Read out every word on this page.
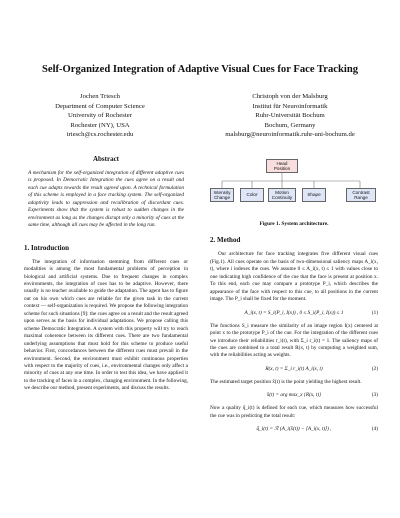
Self-Organized Integration of Adaptive Visual Cues for Face Tracking
Jochen Triesch
Department of Computer Science
University of Rochester
Rochester (NY), USA
triesch@cs.rochester.edu
Christoph von der Malsburg
Institut für Neuroinformatik
Ruhr-Universität Bochum
Bochum, Germany
malsburg@neuroinformatik.ruhr-uni-bochum.de
Abstract
A mechanism for the self-organized integration of different adaptive cues is proposed. In Democratic Integration the cues agree on a result and each cue adapts towards the result agreed upon. A technical formulation of this scheme is employed in a face tracking system. The self-organized adaptivity leads to suppression and recalibration of discordant cues. Experiments show that the system is robust to sudden changes in the environment as long as the changes disrupt only a minority of cues at the same time, although all cues may be affected in the long run.
1. Introduction
The integration of information stemming from different cues or modalities is among the most fundamental problems of perception in biological and artificial systems. Due to frequent changes in complex environments, the integration of cues has to be adaptive. However, there usually is no teacher available to guide the adaptation. The agent has to figure out on his own which cues are reliable for the given task in the current context — self-organization is required. We propose the following integration scheme for such situations [9]: the cues agree on a result and the result agreed upon serves as the basis for individual adaptations. We propose calling this scheme Democratic Integration. A system with this property will try to reach maximal coherence between its different cues. There are two fundamental underlying assumptions that must hold for this scheme to produce useful behavior. First, concordances between the different cues must prevail in the environment. Second, the environment must exhibit continuous properties with respect to the majority of cues, i.e., environmental changes only affect a minority of cues at any one time. In order to test this idea, we have applied it to the tracking of faces in a complex, changing environment. In the following, we describe our method, present experiments, and discuss the results.
Head
Position
Intensity
Change
Color
Motion
Continuity
Shape
Contrast
Range
Figure 1. System architecture.
2. Method
Our architecture for face tracking integrates five different visual cues (Fig.1). All cues operate on the basis of two-dimensional saliency maps A_i(x, t), where i indexes the cues. We assume 0 ≤ A_i(x, t) ≤ 1 with values close to one indicating high confidence of the cue that the face is present at position x. To this end, each cue may compare a prototype P_i, which describes the appearance of the face with respect to this cue, to all positions in the current image. The P_i shall be fixed for the moment.
A_i(x, t) = S_i(P_i, I(x)) , 0 ≤ S_i(P_i, I(x)) ≤ 1	(1)
The functions S_i measure the similarity of an image region I(x) centered at point x to the prototype P_i of the cue. For the integration of the different cues we introduce their reliabilities r_i(t), with Σ_i r_i(t) = 1. The saliency maps of the cues are combined to a total result R(x, t) by computing a weighted sum, with the reliabilities acting as weights.
R(x, t) = Σ_i r_i(t) A_i(x, t)	(2)
The estimated target position x̂(t) is the point yielding the highest result.
x̂(t) = arg max_x {R(x, t)}	(3)
Now a quality q̃_i(t) is defined for each cue, which measures how successful the cue was in predicting the total result:
q̃_i(t) = ℛ (A_i(x̂(t)) − ⟨A_i(x, t)⟩) ,	(4)
